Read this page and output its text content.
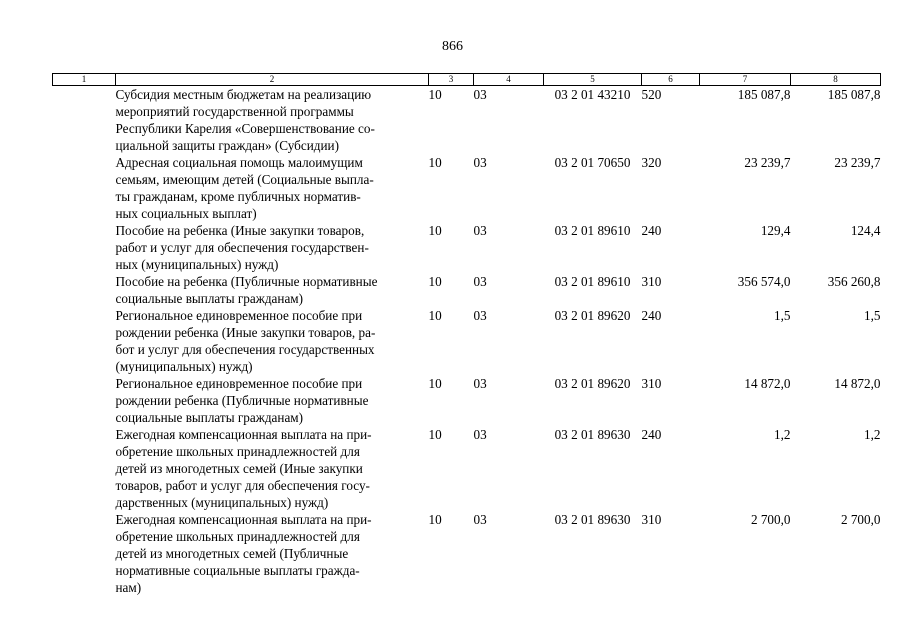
866
1	2	3	4	5	6	7	8

	Субсидия местным бюджетам на реализацию
мероприятий государственной программы
Республики Карелия «Совершенствование со-
циальной защиты граждан» (Субсидии)	10	03	03 2 01 43210	520	185 087,8	185 087,8

	Адресная социальная помощь малоимущим
семьям, имеющим детей (Социальные выпла-
ты гражданам, кроме публичных норматив-
ных социальных выплат)	10	03	03 2 01 70650	320	23 239,7	23 239,7

	Пособие на ребенка (Иные закупки товаров,
работ и услуг для обеспечения государствен-
ных (муниципальных) нужд)	10	03	03 2 01 89610	240	129,4	124,4

	Пособие на ребенка (Публичные нормативные
социальные выплаты гражданам)	10	03	03 2 01 89610	310	356 574,0	356 260,8

	Региональное единовременное пособие при
рождении ребенка (Иные закупки товаров, ра-
бот и услуг для обеспечения государственных
(муниципальных) нужд)	10	03	03 2 01 89620	240	1,5	1,5

	Региональное единовременное пособие при
рождении ребенка (Публичные нормативные
социальные выплаты гражданам)	10	03	03 2 01 89620	310	14 872,0	14 872,0

	Ежегодная компенсационная выплата на при-
обретение школьных принадлежностей для
детей из многодетных семей (Иные закупки
товаров, работ и услуг для обеспечения госу-
дарственных (муниципальных) нужд)	10	03	03 2 01 89630	240	1,2	1,2

	Ежегодная компенсационная выплата на при-
обретение школьных принадлежностей для
детей из многодетных семей (Публичные
нормативные социальные выплаты гражда-
нам)	10	03	03 2 01 89630	310	2 700,0	2 700,0
